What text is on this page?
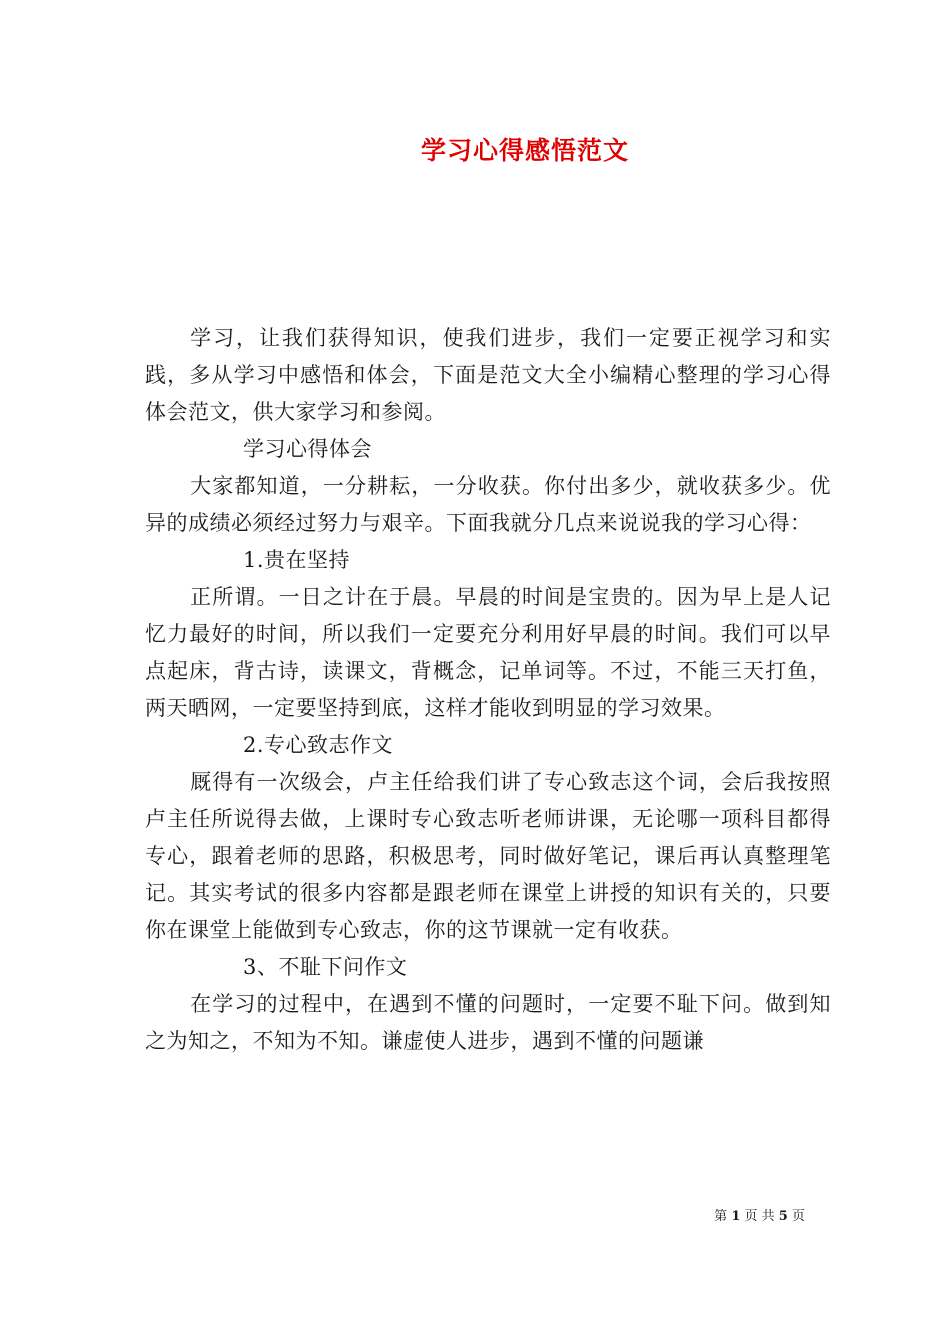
学习心得感悟范文

学习，让我们获得知识，使我们进步，我们一定要正视学习和实践，多从学习中感悟和体会，下面是范文大全小编精心整理的学习心得体会范文，供大家学习和参阅。

学习心得体会

大家都知道，一分耕耘，一分收获。你付出多少，就收获多少。优异的成绩必须经过努力与艰辛。下面我就分几点来说说我的学习心得：

1.贵在坚持

正所谓。一日之计在于晨。早晨的时间是宝贵的。因为早上是人记忆力最好的时间，所以我们一定要充分利用好早晨的时间。我们可以早点起床，背古诗，读课文，背概念，记单词等。不过，不能三天打鱼，两天晒网，一定要坚持到底，这样才能收到明显的学习效果。

2.专心致志作文

厩得有一次级会，卢主任给我们讲了专心致志这个词，会后我按照卢主任所说得去做，上课时专心致志听老师讲课，无论哪一项科目都得专心，跟着老师的思路，积极思考，同时做好笔记，课后再认真整理笔记。其实考试的很多内容都是跟老师在课堂上讲授的知识有关的，只要你在课堂上能做到专心致志，你的这节课就一定有收获。

3、不耻下问作文

在学习的过程中，在遇到不懂的问题时，一定要不耻下问。做到知之为知之，不知为不知。谦虚使人进步，遇到不懂的问题谦

第 1 页 共 5 页
